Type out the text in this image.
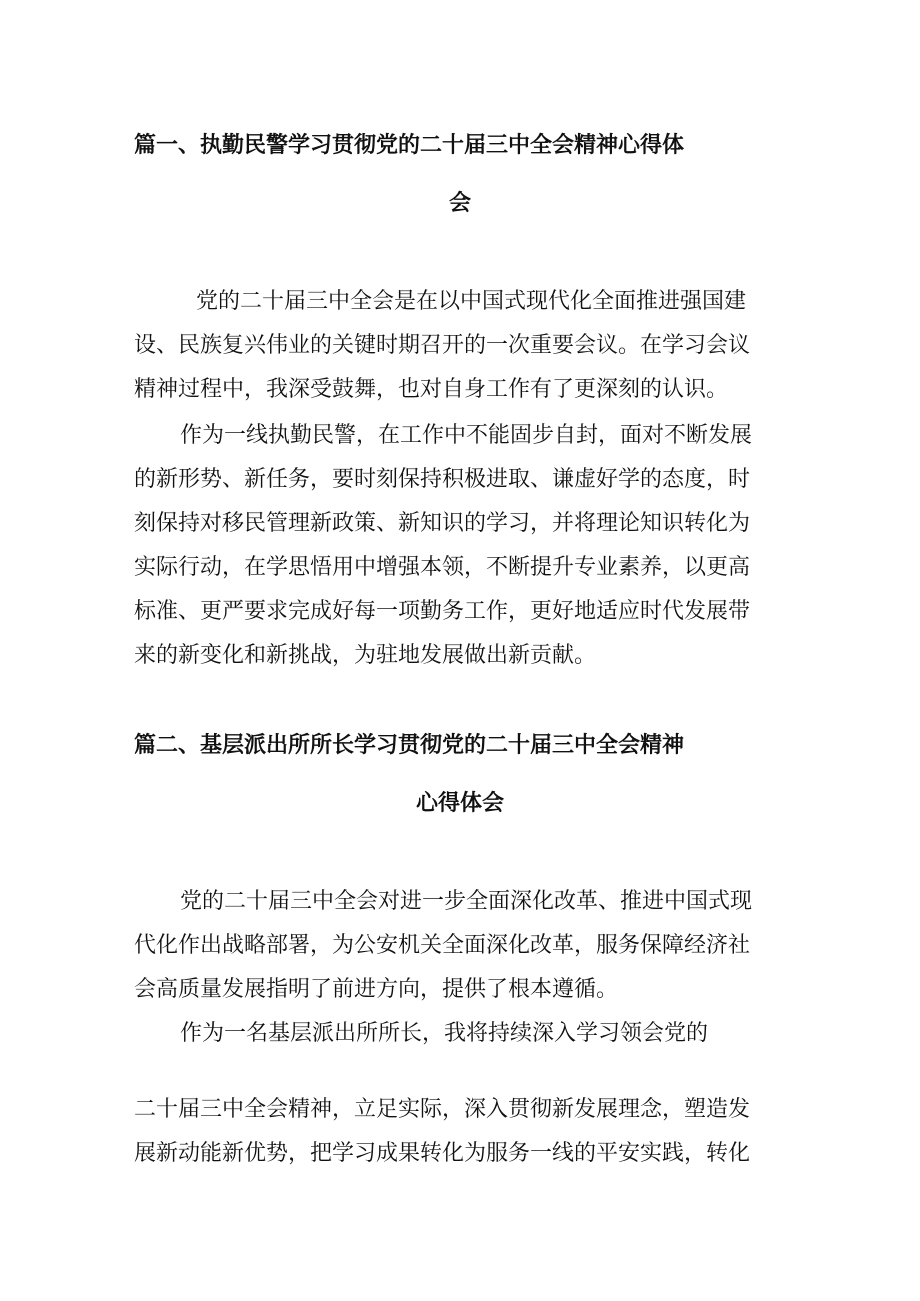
篇一、执勤民警学习贯彻党的二十届三中全会精神心得体
会
党的二十届三中全会是在以中国式现代化全面推进强国建
设、民族复兴伟业的关键时期召开的一次重要会议。在学习会议
精神过程中，我深受鼓舞，也对自身工作有了更深刻的认识。
作为一线执勤民警，在工作中不能固步自封，面对不断发展
的新形势、新任务，要时刻保持积极进取、谦虚好学的态度，时
刻保持对移民管理新政策、新知识的学习，并将理论知识转化为
实际行动，在学思悟用中增强本领，不断提升专业素养，以更高
标准、更严要求完成好每一项勤务工作，更好地适应时代发展带
来的新变化和新挑战，为驻地发展做出新贡献。
篇二、基层派出所所长学习贯彻党的二十届三中全会精神
心得体会
党的二十届三中全会对进一步全面深化改革、推进中国式现
代化作出战略部署，为公安机关全面深化改革，服务保障经济社
会高质量发展指明了前进方向，提供了根本遵循。
作为一名基层派出所所长，我将持续深入学习领会党的
二十届三中全会精神，立足实际，深入贯彻新发展理念，塑造发
展新动能新优势，把学习成果转化为服务一线的平安实践，转化
